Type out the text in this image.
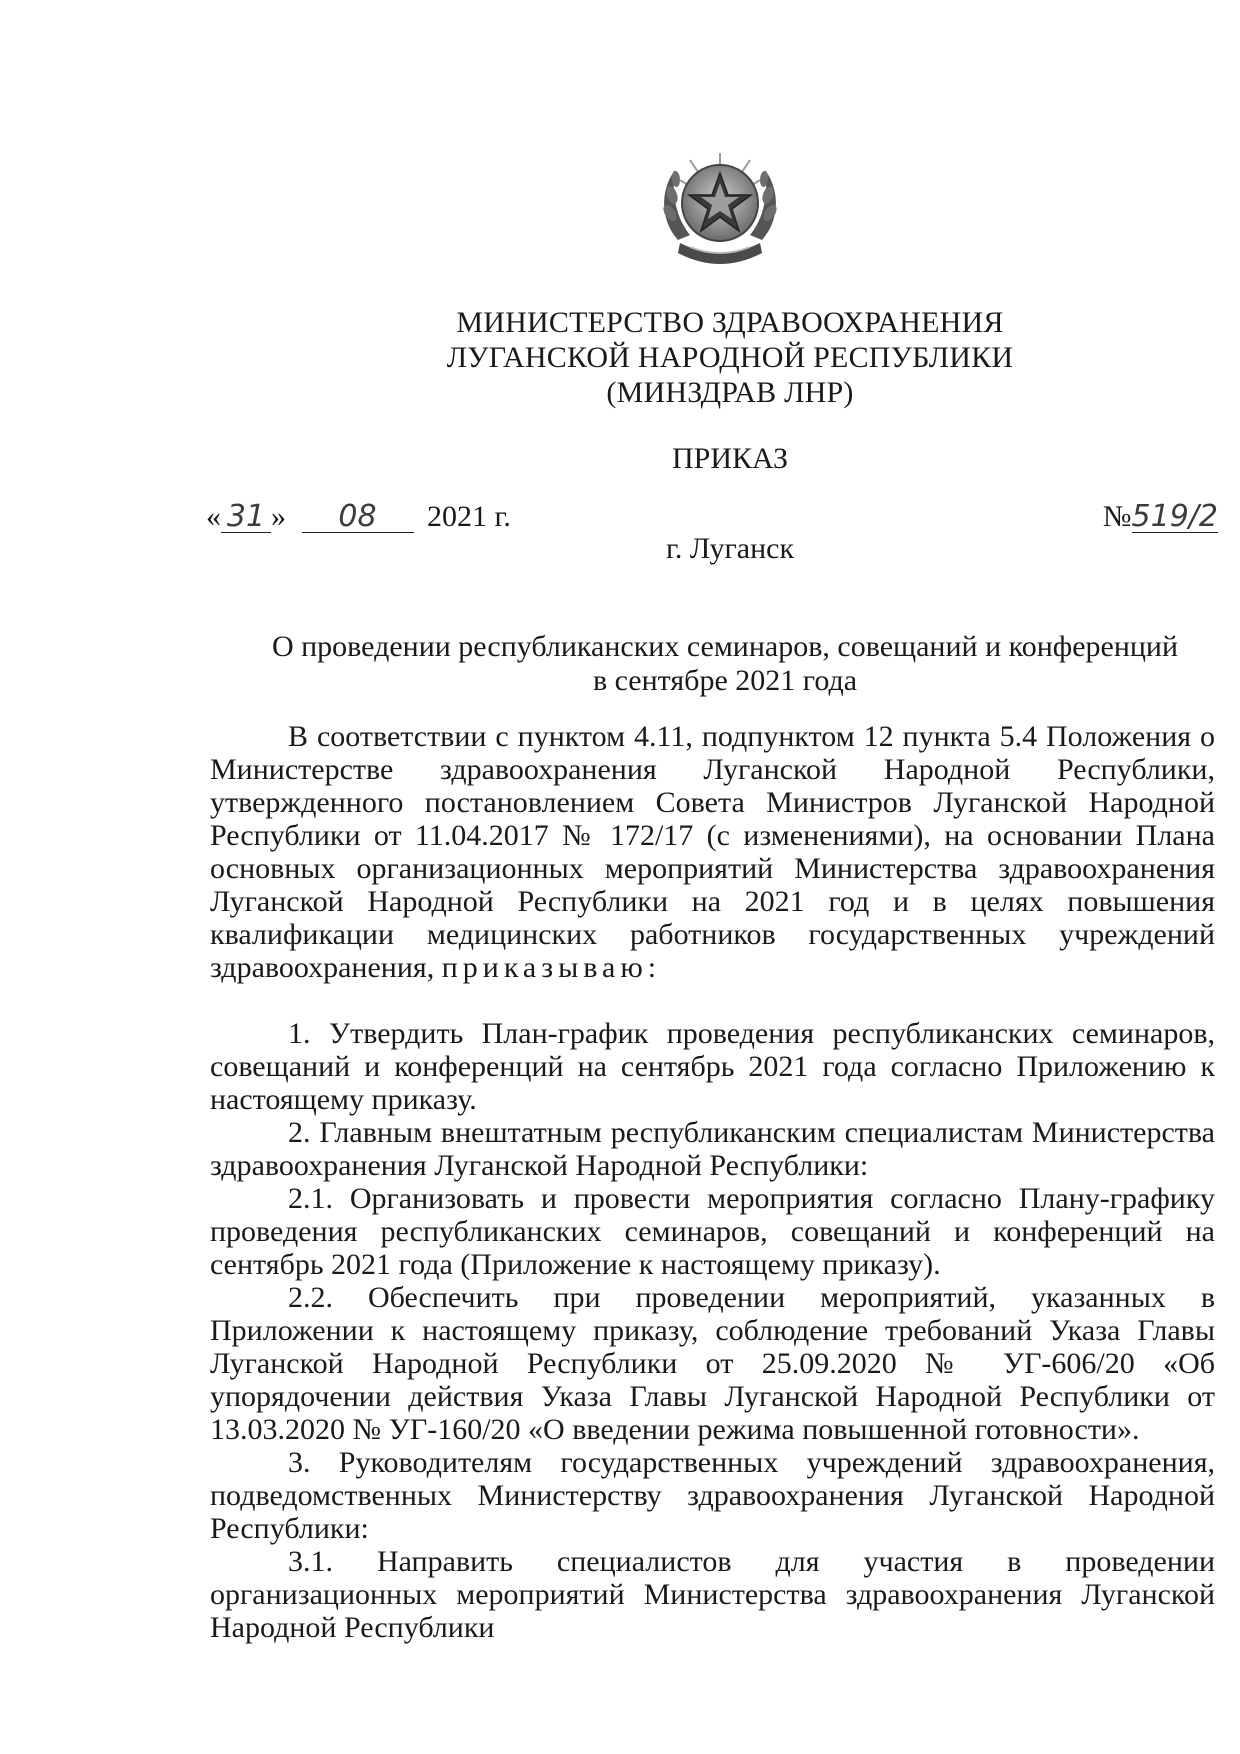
МИНИСТЕРСТВО ЗДРАВООХРАНЕНИЯ
ЛУГАНСКОЙ НАРОДНОЙ РЕСПУБЛИКИ
(МИНЗДРАВ ЛНР)
ПРИКАЗ
« 31 » 08 2021 г.	№519/2
г. Луганск
О проведении республиканских семинаров, совещаний и конференций
в сентябре 2021 года

В соответствии с пунктом 4.11, подпунктом 12 пункта 5.4 Положения о Министерстве здравоохранения Луганской Народной Республики, утвержденного постановлением Совета Министров Луганской Народной Республики от 11.04.2017 № 172/17 (с изменениями), на основании Плана основных организационных мероприятий Министерства здравоохранения Луганской Народной Республики на 2021 год и в целях повышения квалификации медицинских работников государственных учреждений здравоохранения, приказываю:

1. Утвердить План-график проведения республиканских семинаров, совещаний и конференций на сентябрь 2021 года согласно Приложению к настоящему приказу.

2. Главным внештатным республиканским специалистам Министерства здравоохранения Луганской Народной Республики:

2.1. Организовать и провести мероприятия согласно Плану-графику проведения республиканских семинаров, совещаний и конференций на сентябрь 2021 года (Приложение к настоящему приказу).

2.2. Обеспечить при проведении мероприятий, указанных в Приложении к настоящему приказу, соблюдение требований Указа Главы Луганской Народной Республики от 25.09.2020 № УГ-606/20 «Об упорядочении действия Указа Главы Луганской Народной Республики от 13.03.2020 № УГ-160/20 «О введении режима повышенной готовности».

3. Руководителям государственных учреждений здравоохранения, подведомственных Министерству здравоохранения Луганской Народной Республики:

3.1. Направить специалистов для участия в проведении организационных мероприятий Министерства здравоохранения Луганской Народной Республики
